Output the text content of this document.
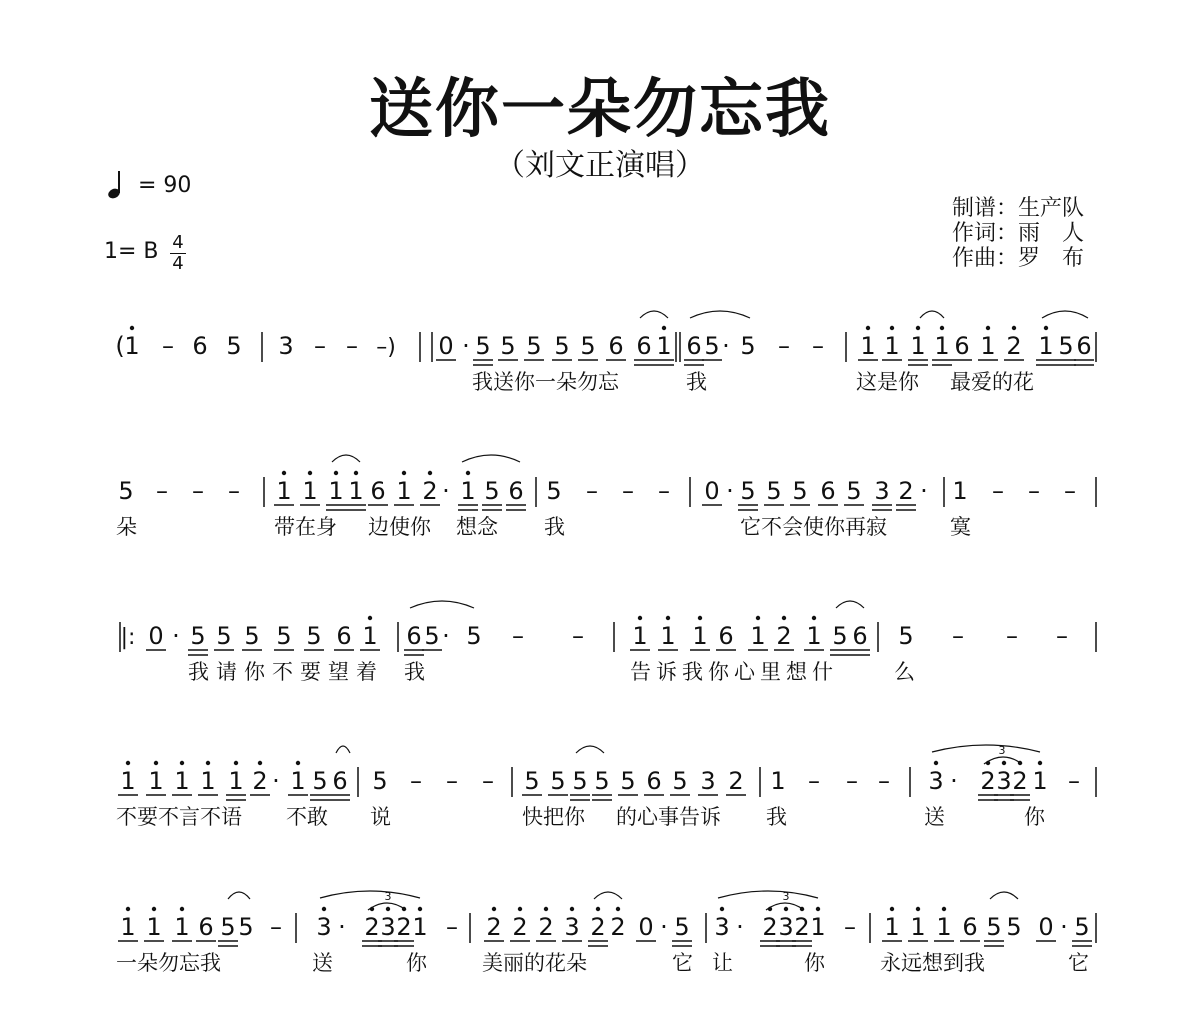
送你一朵勿忘我
（刘文正演唱）
= 90
1= B 4
4
制谱：生产队
作词：雨　人
作曲：罗　布
( 1 – 6 5 3 – – –) 0 · 5 5 5 5 5 6 6 1 6 5 · 5 – – 1 1 1 1 6 1 2 1 5 6
5 – – – 1 1 1 1 6 1 2 · 1 5 6 5 – – – 0 · 5 5 5 6 5 3 2 · 1 – – –
|: 0 · 5 5 5 5 5 6 1 6 5 · 5 – – 1 1 1 6 1 2 1 5 6 5 – – –
1 1 1 1 1 2 · 1 5 6 5 – – – 5 5 5 5 5 6 5 3 2 1 – – – 3 · 2 3 2 1 –
3
1 1 1 6 5 5 – 3 · 2 3 2 1 – 2 2 2 3 2 2 0 · 5 3 · 2 3 2 1 – 1 1 1 6 5 5 0 · 5
3	3
我送你一朵勿忘	我	这是你 最爱的花
朵	带在身 边使你 想念 我	它不会使你再寂	寞
我请你不要望着 我	告诉我你心里想什	么
不要不言不语 不敢 说	快把你 的心事告诉 我	送	你
一朵勿忘我	送	你	美丽的花朵	它 让	你	永远想到我	它
